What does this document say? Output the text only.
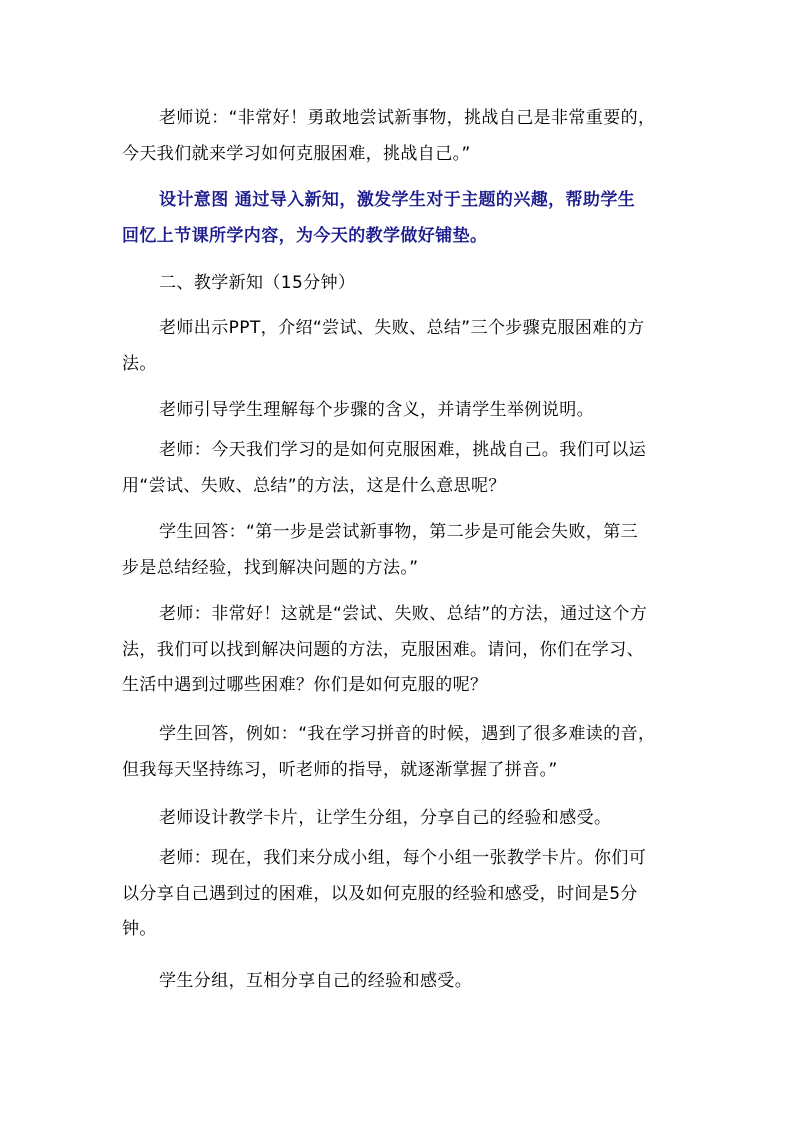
老师说：“非常好！勇敢地尝试新事物，挑战自己是非常重要的，
今天我们就来学习如何克服困难，挑战自己。”
设计意图 通过导入新知，激发学生对于主题的兴趣，帮助学生
回忆上节课所学内容，为今天的教学做好铺垫。
二、教学新知（15分钟）
老师出示PPT，介绍“尝试、失败、总结”三个步骤克服困难的方
法。
老师引导学生理解每个步骤的含义，并请学生举例说明。
老师：今天我们学习的是如何克服困难，挑战自己。我们可以运
用“尝试、失败、总结”的方法，这是什么意思呢？
学生回答：“第一步是尝试新事物，第二步是可能会失败，第三
步是总结经验，找到解决问题的方法。”
老师：非常好！这就是“尝试、失败、总结”的方法，通过这个方
法，我们可以找到解决问题的方法，克服困难。请问，你们在学习、
生活中遇到过哪些困难？你们是如何克服的呢？
学生回答，例如：“我在学习拼音的时候，遇到了很多难读的音，
但我每天坚持练习，听老师的指导，就逐渐掌握了拼音。”
老师设计教学卡片，让学生分组，分享自己的经验和感受。
老师：现在，我们来分成小组，每个小组一张教学卡片。你们可
以分享自己遇到过的困难，以及如何克服的经验和感受，时间是5分
钟。
学生分组，互相分享自己的经验和感受。
